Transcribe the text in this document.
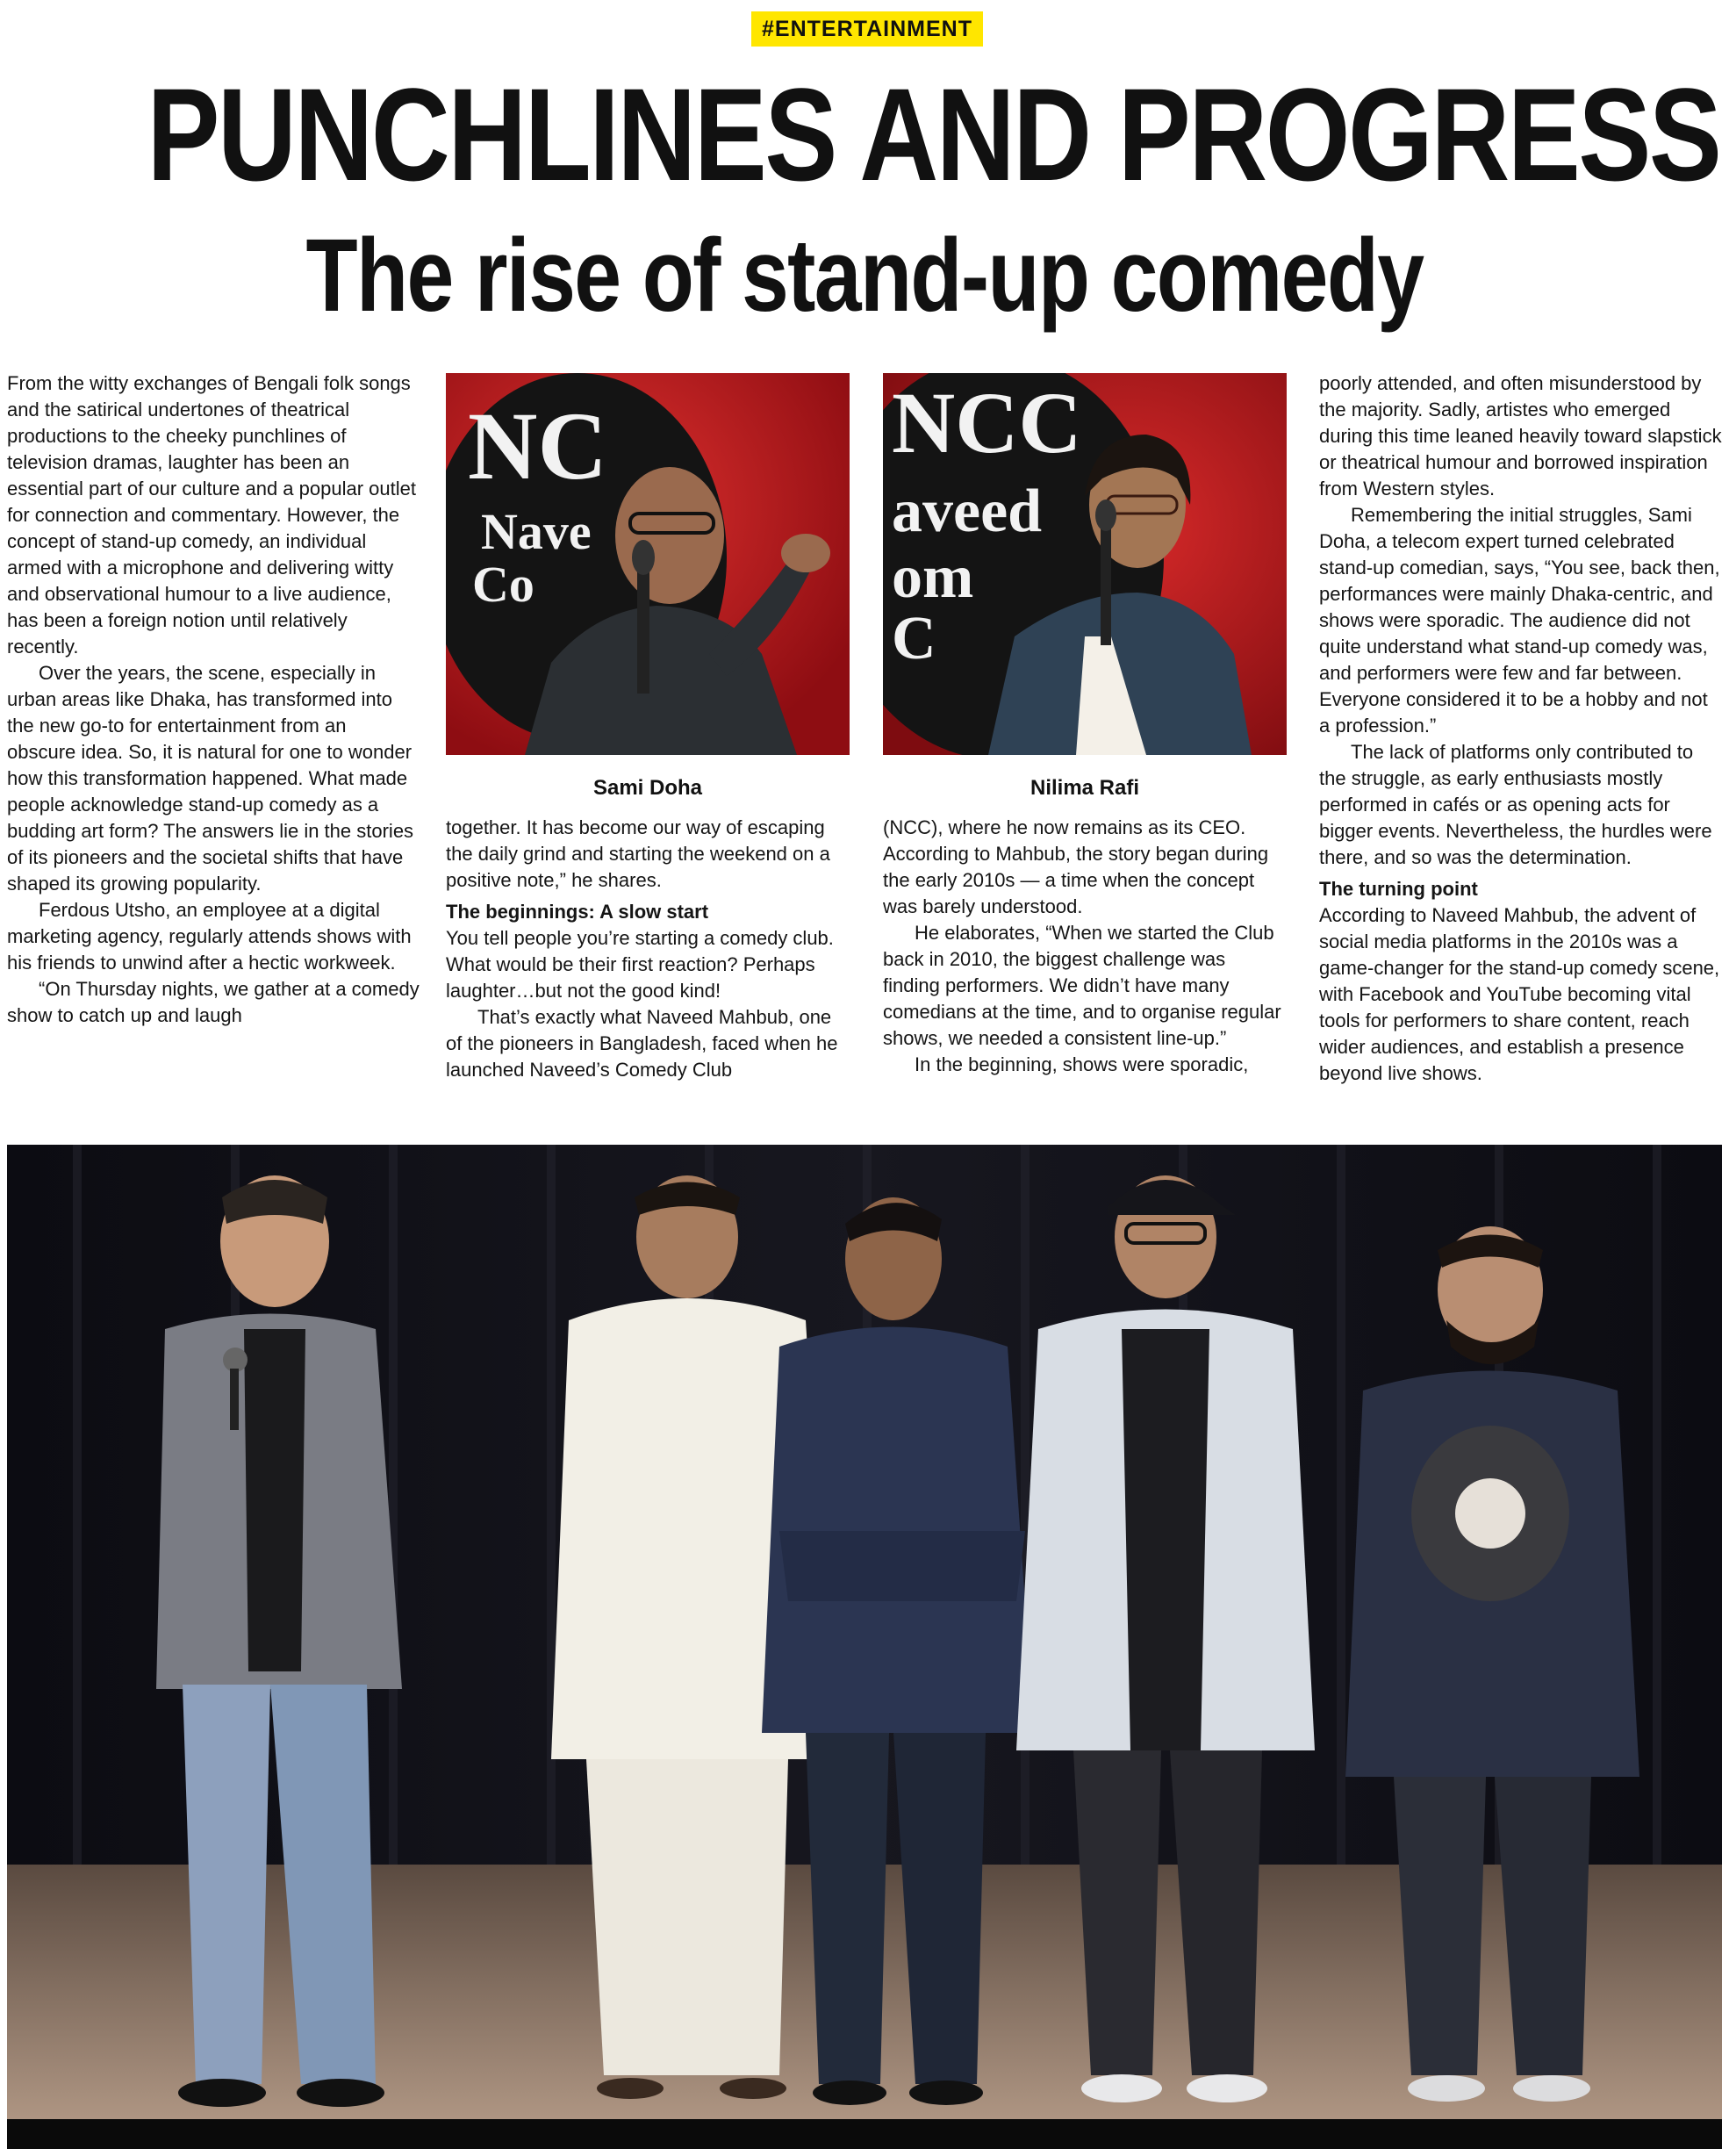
#ENTERTAINMENT
PUNCHLINES AND PROGRESS
The rise of stand-up comedy

From the witty exchanges of Bengali folk songs and the satirical undertones of theatrical productions to the cheeky punchlines of television dramas, laughter has been an essential part of our culture and a popular outlet for connection and commentary. However, the concept of stand-up comedy, an individual armed with a microphone and delivering witty and observational humour to a live audience, has been a foreign notion until relatively recently.

Over the years, the scene, especially in urban areas like Dhaka, has transformed into the new go-to for entertainment from an obscure idea. So, it is natural for one to wonder how this transformation happened. What made people acknowledge stand-up comedy as a budding art form? The answers lie in the stories of its pioneers and the societal shifts that have shaped its growing popularity.

Ferdous Utsho, an employee at a digital marketing agency, regularly attends shows with his friends to unwind after a hectic workweek.

“On Thursday nights, we gather at a comedy show to catch up and laugh

NC
Nave
Co
Sami Doha
NCC
aveed
om
C
Nilima Rafi

together. It has become our way of escaping the daily grind and starting the weekend on a positive note,” he shares.

The beginnings: A slow start

You tell people you’re starting a comedy club. What would be their first reaction? Perhaps laughter…but not the good kind!

That’s exactly what Naveed Mahbub, one of the pioneers in Bangladesh, faced when he launched Naveed’s Comedy Club

(NCC), where he now remains as its CEO. According to Mahbub, the story began during the early 2010s — a time when the concept was barely understood.

He elaborates, “When we started the Club back in 2010, the biggest challenge was finding performers. We didn’t have many comedians at the time, and to organise regular shows, we needed a consistent line-up.”

In the beginning, shows were sporadic,

poorly attended, and often misunderstood by the majority. Sadly, artistes who emerged during this time leaned heavily toward slapstick or theatrical humour and borrowed inspiration from Western styles.

Remembering the initial struggles, Sami Doha, a telecom expert turned celebrated stand-up comedian, says, “You see, back then, performances were mainly Dhaka-centric, and shows were sporadic. The audience did not quite understand what stand-up comedy was, and performers were few and far between. Everyone considered it to be a hobby and not a profession.”

The lack of platforms only contributed to the struggle, as early enthusiasts mostly performed in cafés or as opening acts for bigger events. Nevertheless, the hurdles were there, and so was the determination.

The turning point

According to Naveed Mahbub, the advent of social media platforms in the 2010s was a game-changer for the stand-up comedy scene, with Facebook and YouTube becoming vital tools for performers to share content, reach wider audiences, and establish a presence beyond live shows.
